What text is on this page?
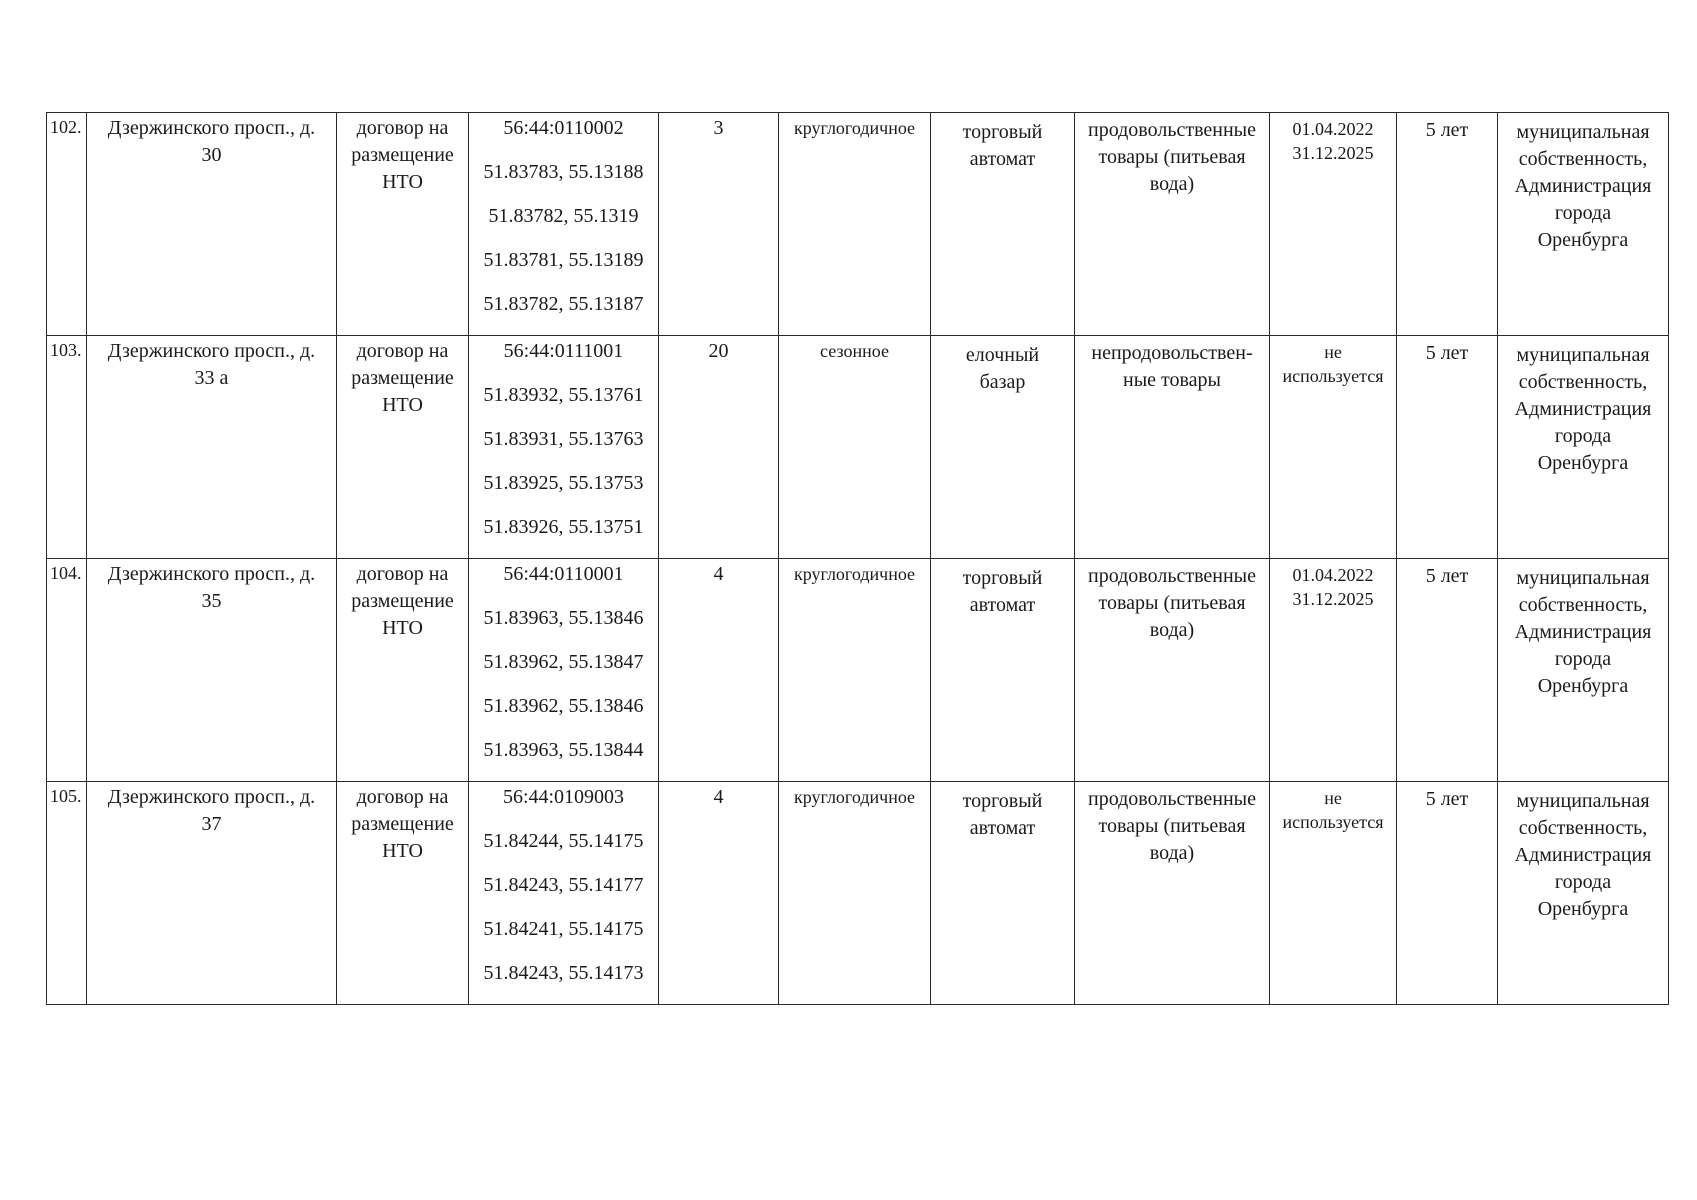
102.	Дзержинского просп., д.
30	договор на
размещение
НТО	56:44:0110002
51.83783, 55.13188
51.83782, 55.1319
51.83781, 55.13189
51.83782, 55.13187	3	круглогодичное	торговый
автомат	продовольственные
товары (питьевая
вода)	01.04.2022
31.12.2025	5 лет	муниципальная
собственность,
Администрация
города
Оренбурга

103.	Дзержинского просп., д.
33 а	договор на
размещение
НТО	56:44:0111001
51.83932, 55.13761
51.83931, 55.13763
51.83925, 55.13753
51.83926, 55.13751	20	сезонное	елочный
базар	непродовольствен-
ные товары	не
используется	5 лет	муниципальная
собственность,
Администрация
города
Оренбурга

104.	Дзержинского просп., д.
35	договор на
размещение
НТО	56:44:0110001
51.83963, 55.13846
51.83962, 55.13847
51.83962, 55.13846
51.83963, 55.13844	4	круглогодичное	торговый
автомат	продовольственные
товары (питьевая
вода)	01.04.2022
31.12.2025	5 лет	муниципальная
собственность,
Администрация
города
Оренбурга

105.	Дзержинского просп., д.
37	договор на
размещение
НТО	56:44:0109003
51.84244, 55.14175
51.84243, 55.14177
51.84241, 55.14175
51.84243, 55.14173	4	круглогодичное	торговый
автомат	продовольственные
товары (питьевая
вода)	не
используется	5 лет	муниципальная
собственность,
Администрация
города
Оренбурга
